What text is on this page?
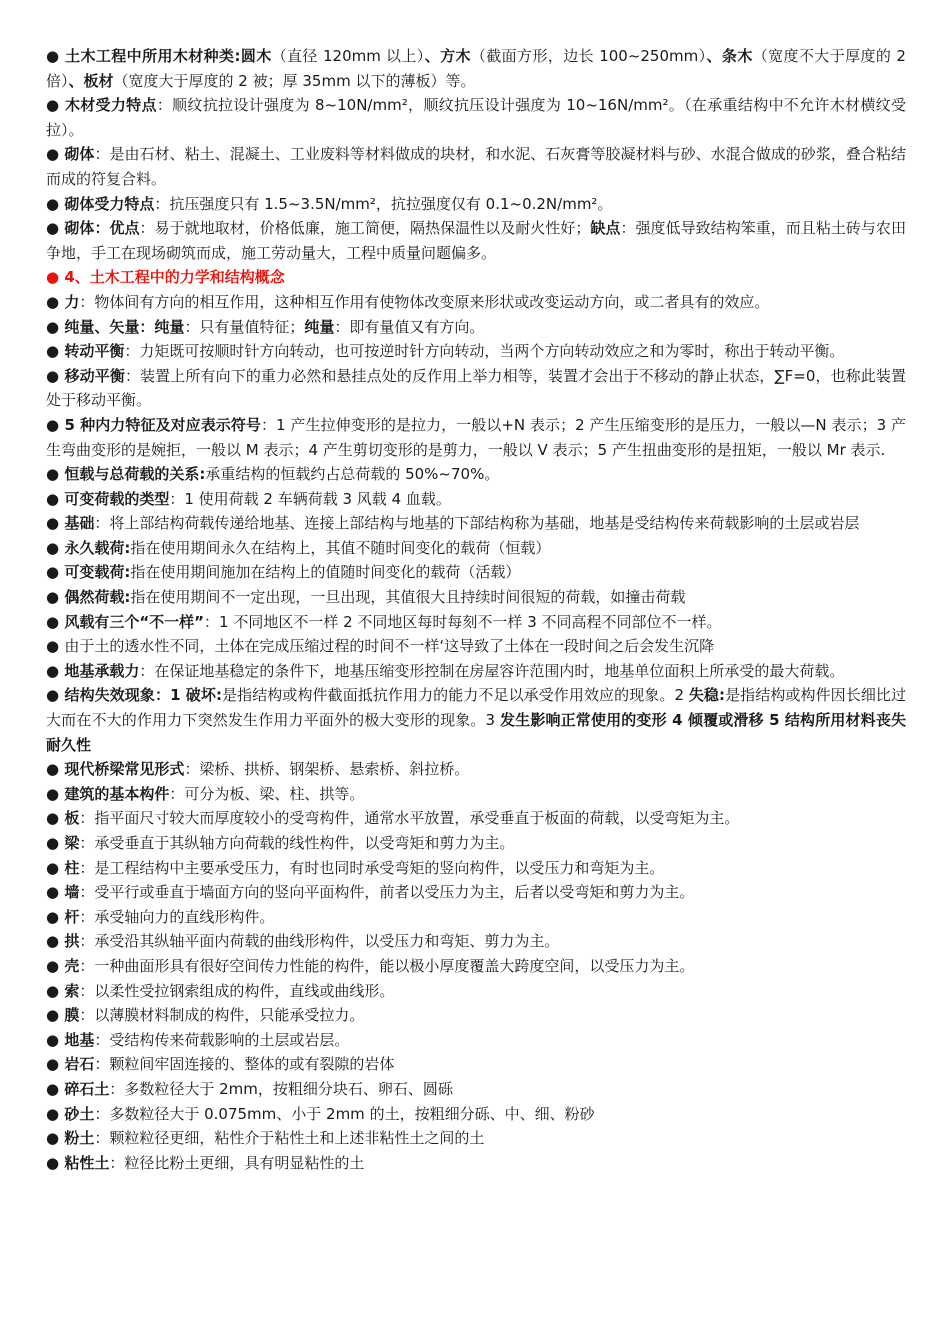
● 土木工程中所用木材种类:圆木（直径 120mm 以上）、方木（截面方形，边长 100~250mm）、条木（宽度不大于厚度的 2 倍）、板材（宽度大于厚度的 2 被；厚 35mm 以下的薄板）等。
● 木材受力特点：顺纹抗拉设计强度为 8~10N/mm²，顺纹抗压设计强度为 10~16N/mm²。（在承重结构中不允许木材横纹受拉）。
● 砌体：是由石材、粘土、混凝土、工业废料等材料做成的块材，和水泥、石灰膏等胶凝材料与砂、水混合做成的砂浆，叠合粘结而成的符复合料。
● 砌体受力特点：抗压强度只有 1.5~3.5N/mm²，抗拉强度仅有 0.1~0.2N/mm²。
● 砌体：优点：易于就地取材，价格低廉，施工简便，隔热保温性以及耐火性好；缺点：强度低导致结构笨重，而且粘土砖与农田争地，手工在现场砌筑而成，施工劳动量大，工程中质量问题偏多。
● 4、土木工程中的力学和结构概念
● 力：物体间有方向的相互作用，这种相互作用有使物体改变原来形状或改变运动方向，或二者具有的效应。
● 纯量、矢量：纯量：只有量值特征；纯量：即有量值又有方向。
● 转动平衡：力矩既可按顺时针方向转动，也可按逆时针方向转动，当两个方向转动效应之和为零时，称出于转动平衡。
● 移动平衡：装置上所有向下的重力必然和悬挂点处的反作用上举力相等，装置才会出于不移动的静止状态，∑F=0，也称此装置处于移动平衡。
● 5 种内力特征及对应表示符号：1 产生拉伸变形的是拉力，一般以+N 表示；2 产生压缩变形的是压力，一般以—N 表示；3 产生弯曲变形的是婉拒，一般以 M 表示；4 产生剪切变形的是剪力，一般以 V 表示；5 产生扭曲变形的是扭矩，一般以 Mr 表示.
● 恒载与总荷载的关系:承重结构的恒载约占总荷载的 50%~70%。
● 可变荷载的类型：1 使用荷载 2 车辆荷载 3 风载 4 血载。
● 基础：将上部结构荷载传递给地基、连接上部结构与地基的下部结构称为基础，地基是受结构传来荷载影响的土层或岩层
● 永久载荷:指在使用期间永久在结构上，其值不随时间变化的载荷（恒载）
● 可变载荷:指在使用期间施加在结构上的值随时间变化的载荷（活载）
● 偶然荷载:指在使用期间不一定出现，一旦出现，其值很大且持续时间很短的荷载，如撞击荷载
● 风载有三个“不一样”：1 不同地区不一样 2 不同地区每时每刻不一样 3 不同高程不同部位不一样。
● 由于土的透水性不同，土体在完成压缩过程的时间不一样‘这导致了土体在一段时间之后会发生沉降
● 地基承载力：在保证地基稳定的条件下，地基压缩变形控制在房屋容许范围内时，地基单位面积上所承受的最大荷载。
● 结构失效现象：1 破坏:是指结构或构件截面抵抗作用力的能力不足以承受作用效应的现象。2 失稳:是指结构或构件因长细比过大而在不大的作用力下突然发生作用力平面外的极大变形的现象。3 发生影响正常使用的变形 4 倾覆或滑移 5 结构所用材料丧失耐久性
● 现代桥梁常见形式：梁桥、拱桥、钢架桥、悬索桥、斜拉桥。
● 建筑的基本构件：可分为板、梁、柱、拱等。
● 板：指平面尺寸较大而厚度较小的受弯构件，通常水平放置，承受垂直于板面的荷载，以受弯矩为主。
● 梁：承受垂直于其纵轴方向荷载的线性构件，以受弯矩和剪力为主。
● 柱：是工程结构中主要承受压力，有时也同时承受弯矩的竖向构件，以受压力和弯矩为主。
● 墙：受平行或垂直于墙面方向的竖向平面构件，前者以受压力为主，后者以受弯矩和剪力为主。
● 杆：承受轴向力的直线形构件。
● 拱：承受沿其纵轴平面内荷载的曲线形构件，以受压力和弯矩、剪力为主。
● 壳：一种曲面形具有很好空间传力性能的构件，能以极小厚度覆盖大跨度空间，以受压力为主。
● 索：以柔性受拉钢索组成的构件，直线或曲线形。
● 膜：以薄膜材料制成的构件，只能承受拉力。
● 地基：受结构传来荷载影响的土层或岩层。
● 岩石：颗粒间牢固连接的、整体的或有裂隙的岩体
● 碎石土：多数粒径大于 2mm，按粗细分块石、卵石、圆砾
● 砂土：多数粒径大于 0.075mm、小于 2mm 的土，按粗细分砾、中、细、粉砂
● 粉土：颗粒粒径更细，粘性介于粘性土和上述非粘性土之间的土
● 粘性土：粒径比粉土更细，具有明显粘性的土
